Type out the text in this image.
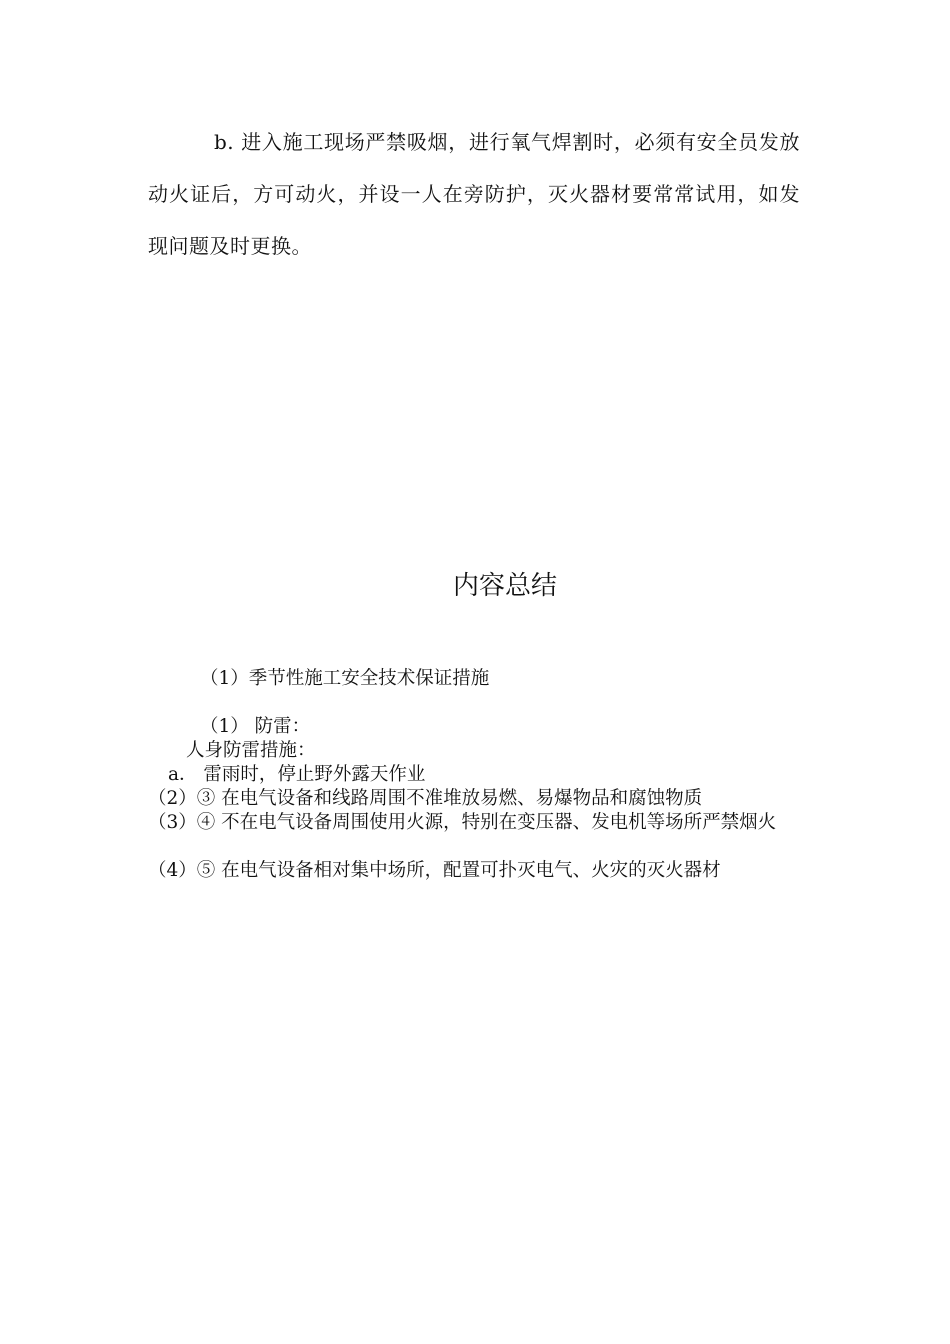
b. 进入施工现场严禁吸烟，进行氧气焊割时，必须有安全员发放动火证后，方可动火，并设一人在旁防护，灭火器材要常常试用，如发现问题及时更换。

内容总结

（1）季节性施工安全技术保证措施

（1） 防雷：

人身防雷措施：

a． 雷雨时，停止野外露天作业

（2）③ 在电气设备和线路周围不准堆放易燃、易爆物品和腐蚀物质

（3）④ 不在电气设备周围使用火源，特别在变压器、发电机等场所严禁烟火

（4）⑤ 在电气设备相对集中场所，配置可扑灭电气、火灾的灭火器材
